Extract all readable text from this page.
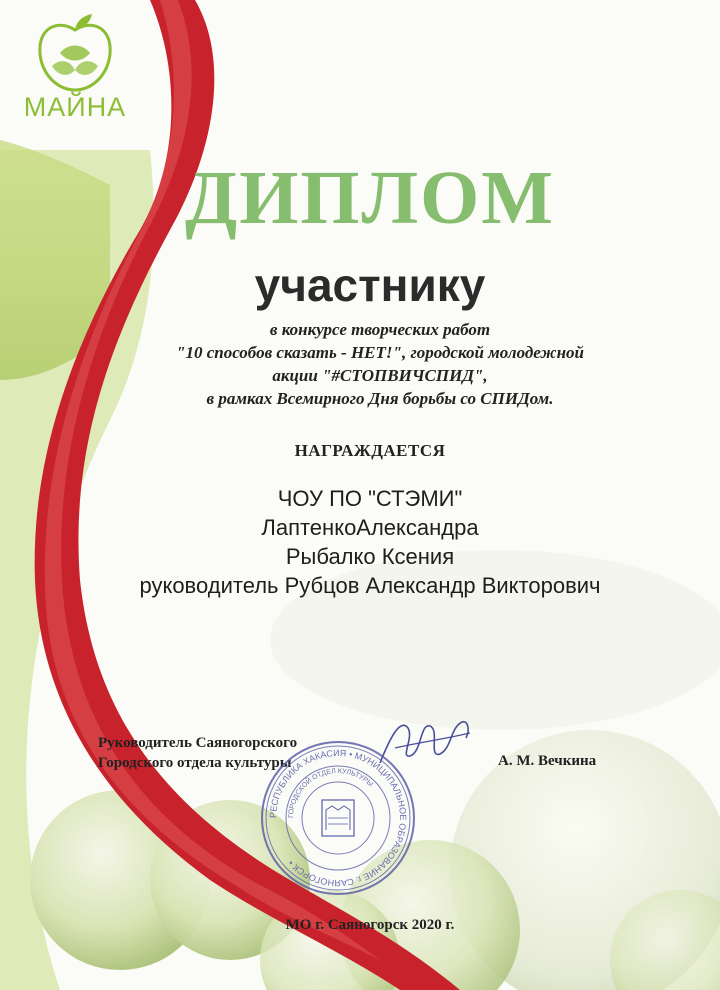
МАЙНА
ДИПЛОМ
участнику
в конкурсе творческих работ
"10 способов сказать - НЕТ!", городской молодежной
акции "#СТОПВИЧСПИД",
в рамках Всемирного Дня борьбы со СПИДом.
НАГРАЖДАЕТСЯ
ЧОУ ПО "СТЭМИ"
ЛаптенкоАлександра
Рыбалко Ксения
руководитель Рубцов Александр Викторович
Руководитель Саяногорского
Городского отдела культуры	А. М. Вечкина
РЕСПУБЛИКА ХАКАСИЯ • МУНИЦИПАЛЬНОЕ ОБРАЗОВАНИЕ г. САЯНОГОРСК •
ГОРОДСКОЙ ОТДЕЛ КУЛЬТУРЫ
МО г. Саяногорск 2020 г.
